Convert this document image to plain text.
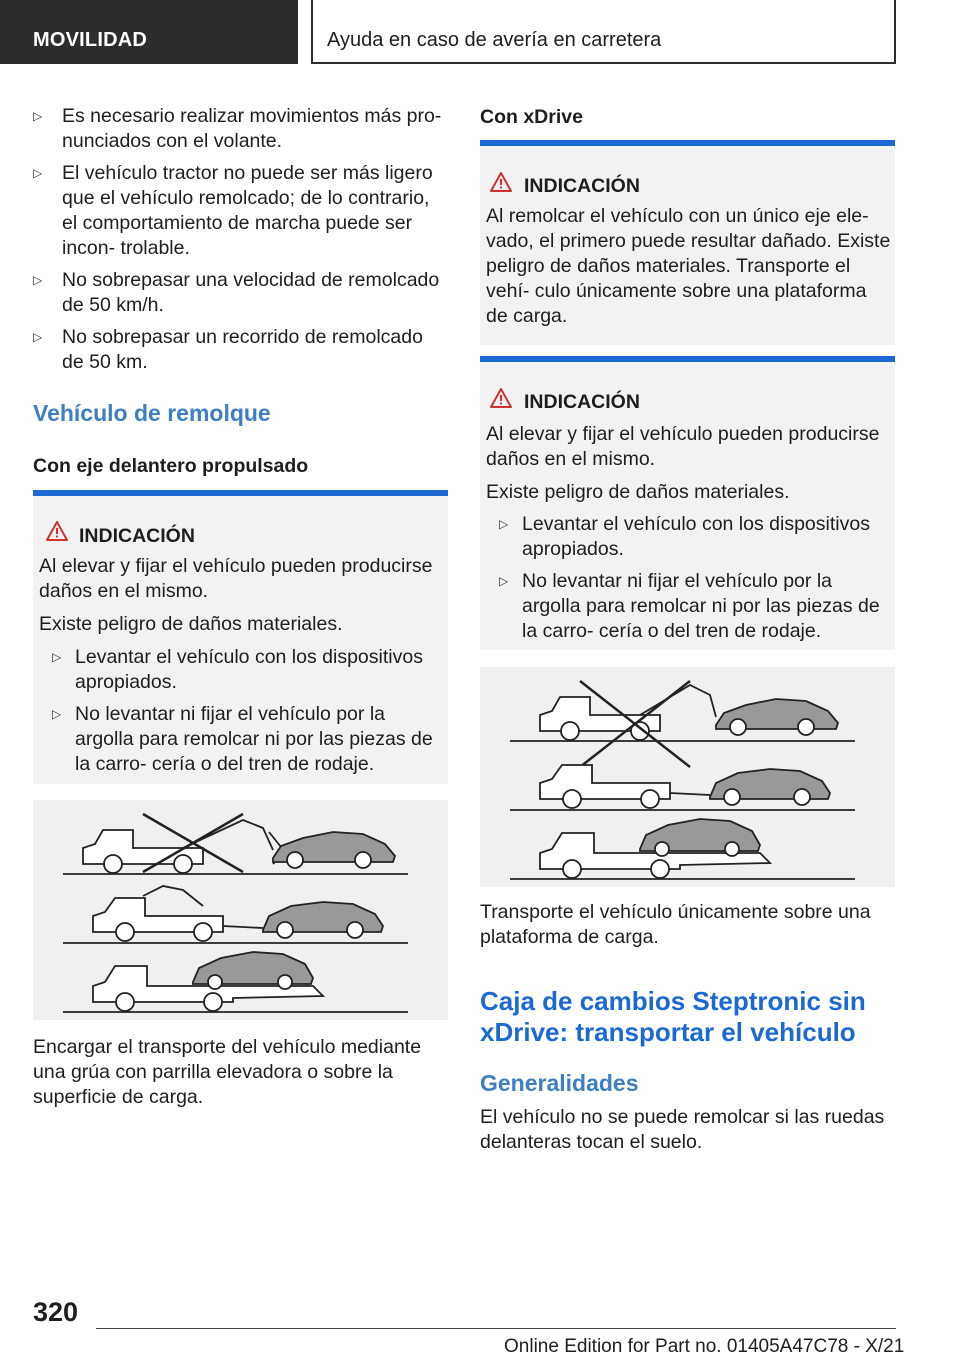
MOVILIDAD	Ayuda en caso de avería en carretera
▷	Es necesario realizar movimientos más pro‐ nunciados con el volante.
▷	El vehículo tractor no puede ser más ligero que el vehículo remolcado; de lo contrario, el comportamiento de marcha puede ser incon‐ trolable.
▷	No sobrepasar una velocidad de remolcado de 50 km/h.
▷	No sobrepasar un recorrido de remolcado de 50 km.
Vehículo de remolque
Con eje delantero propulsado
INDICACIÓN
Al elevar y fijar el vehículo pueden producirse daños en el mismo.
Existe peligro de daños materiales.
▷ Levantar el vehículo con los dispositivos apropiados.
▷ No levantar ni fijar el vehículo por la argolla para remolcar ni por las piezas de la carro‐ cería o del tren de rodaje.
Encargar el transporte del vehículo mediante una grúa con parrilla elevadora o sobre la superficie de carga.
Con xDrive
INDICACIÓN
Al remolcar el vehículo con un único eje ele‐ vado, el primero puede resultar dañado. Existe peligro de daños materiales. Transporte el vehí‐ culo únicamente sobre una plataforma de carga.
INDICACIÓN
Al elevar y fijar el vehículo pueden producirse daños en el mismo.
Existe peligro de daños materiales.
▷ Levantar el vehículo con los dispositivos apropiados.
▷ No levantar ni fijar el vehículo por la argolla para remolcar ni por las piezas de la carro‐ cería o del tren de rodaje.
Transporte el vehículo únicamente sobre una plataforma de carga.
Caja de cambios Steptronic sin xDrive: transportar el vehículo
Generalidades
El vehículo no se puede remolcar si las ruedas delanteras tocan el suelo.
320
Online Edition for Part no. 01405A47C78 - X/21
